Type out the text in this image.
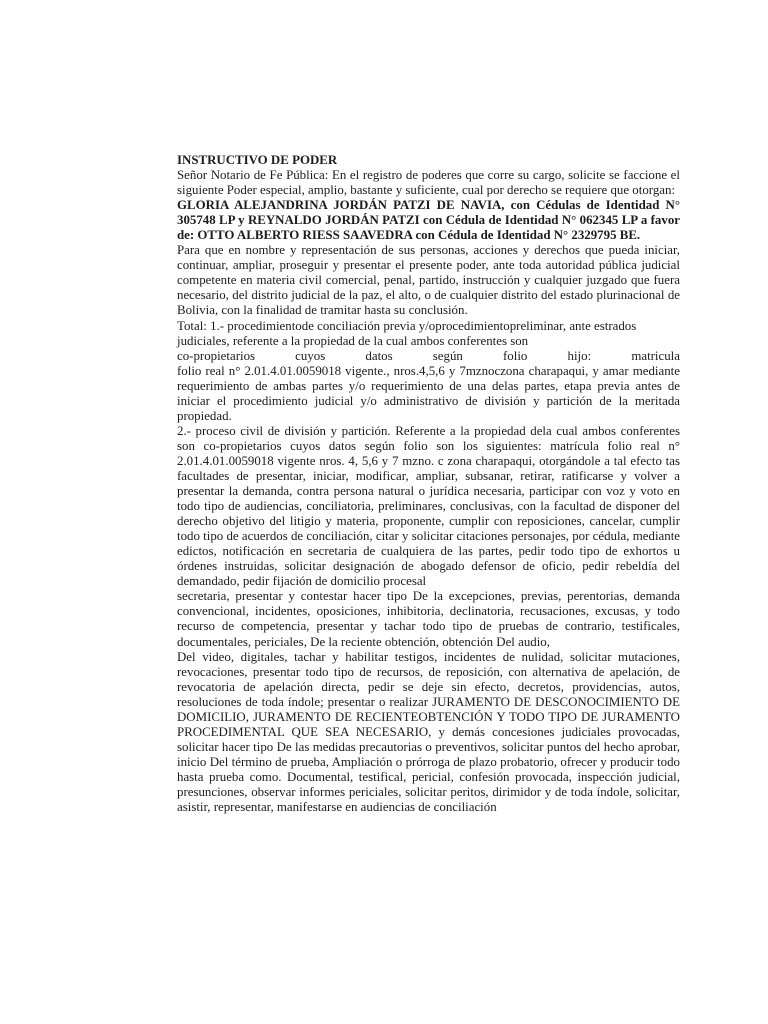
INSTRUCTIVO DE PODER

Señor Notario de Fe Pública: En el registro de poderes que corre su cargo, solicite se faccione el siguiente Poder especial, amplio, bastante y suficiente, cual por derecho se requiere que otorgan:

GLORIA ALEJANDRINA JORDÁN PATZI DE NAVIA, con Cédulas de Identidad N° 305748 LP y REYNALDO JORDÁN PATZI con Cédula de Identidad N° 062345 LP a favor de: OTTO ALBERTO RIESS SAAVEDRA con Cédula de Identidad N° 2329795 BE.

Para que en nombre y representación de sus personas, acciones y derechos que pueda iniciar, continuar, ampliar, proseguir y presentar el presente poder, ante toda autoridad pública judicial competente en materia civil comercial, penal, partido, instrucción y cualquier juzgado que fuera necesario, del distrito judicial de la paz, el alto, o de cualquier distrito del estado plurinacional de Bolivia, con la finalidad de tramitar hasta su conclusión.

Total: 1.- procedimientode conciliación previa y/oprocedimientopreliminar, ante estrados judiciales, referente a la propiedad de la cual ambos conferentes son

co-propietarios cuyos datos según folio hijo: matricula

folio real n° 2.01.4.01.0059018 vigente., nros.4,5,6 y 7mznoczona charapaqui, y amar mediante requerimiento de ambas partes y/o requerimiento de una delas partes, etapa previa antes de iniciar el procedimiento judicial y/o administrativo de división y partición de la meritada propiedad.

2.- proceso civil de división y partición. Referente a la propiedad dela cual ambos conferentes son co-propietarios cuyos datos según folio son los siguientes: matrícula folio real n° 2.01.4.01.0059018 vigente nros. 4, 5,6 y 7 mzno. c zona charapaqui, otorgándole a tal efecto tas facultades de presentar, iniciar, modificar, ampliar, subsanar, retirar, ratificarse y volver a presentar la demanda, contra persona natural o jurídica necesaria, participar con voz y voto en todo tipo de audiencias, conciliatoria, preliminares, conclusivas, con la facultad de disponer del derecho objetivo del litigio y materia, proponente, cumplir con reposiciones, cancelar, cumplir todo tipo de acuerdos de conciliación, citar y solicitar citaciones personajes, por cédula, mediante edictos, notificación en secretaria de cualquiera de las partes, pedir todo tipo de exhortos u órdenes instruidas, solicitar designación de abogado defensor de oficio, pedir rebeldía del demandado, pedir fijación de domicilio procesal

secretaria, presentar y contestar hacer tipo De la excepciones, previas, perentorias, demanda convencional, incidentes, oposiciones, inhibitoria, declinatoria, recusaciones, excusas, y todo recurso de competencia, presentar y tachar todo tipo de pruebas de contrario, testificales, documentales, periciales, De la reciente obtención, obtención Del audio,

Del video, digitales, tachar y habilitar testigos, incidentes de nulidad, solicitar mutaciones, revocaciones, presentar todo tipo de recursos, de reposición, con alternativa de apelación, de revocatoria de apelación directa, pedir se deje sin efecto, decretos, providencias, autos, resoluciones de toda índole; presentar o realizar JURAMENTO DE DESCONOCIMIENTO DE DOMICILIO, JURAMENTO DE RECIENTEOBTENCIÓN Y TODO TIPO DE JURAMENTO PROCEDIMENTAL QUE SEA NECESARIO, y demás concesiones judiciales provocadas, solicitar hacer tipo De las medidas precautorias o preventivos, solicitar puntos del hecho aprobar, inicio Del término de prueba, Ampliación o prórroga de plazo probatorio, ofrecer y producir todo hasta prueba como. Documental, testifical, pericial, confesión provocada, inspección judicial, presunciones, observar informes periciales, solicitar peritos, dirimidor y de toda índole, solicitar, asistir, representar, manifestarse en audiencias de conciliación
